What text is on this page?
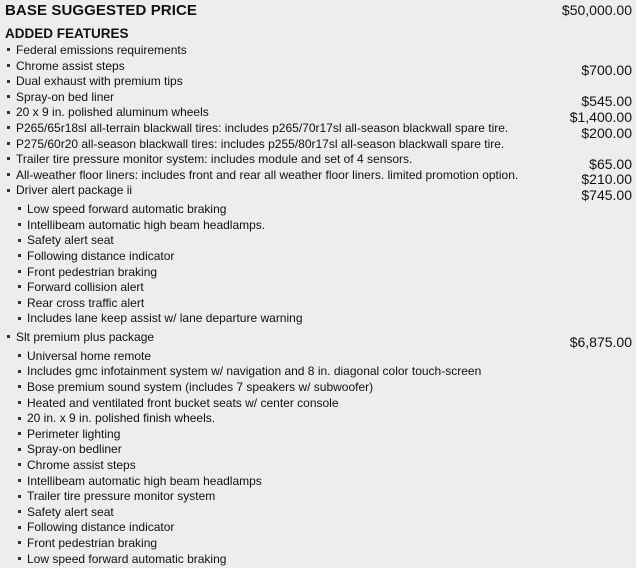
BASE SUGGESTED PRICE	$50,000.00
ADDED FEATURES
Federal emissions requirements
Chrome assist steps	$700.00
Dual exhaust with premium tips
Spray-on bed liner	$545.00
20 x 9 in. polished aluminum wheels	$1,400.00
P265/65r18sl all-terrain blackwall tires: includes p265/70r17sl all-season blackwall spare tire.	$200.00
P275/60r20 all-season blackwall tires: includes p255/80r17sl all-season blackwall spare tire.
Trailer tire pressure monitor system: includes module and set of 4 sensors.	$65.00
All-weather floor liners: includes front and rear all weather floor liners. limited promotion option.	$210.00
Driver alert package ii	$745.00
Low speed forward automatic braking
Intellibeam automatic high beam headlamps.
Safety alert seat
Following distance indicator
Front pedestrian braking
Forward collision alert
Rear cross traffic alert
Includes lane keep assist w/ lane departure warning
Slt premium plus package	$6,875.00
Universal home remote
Includes gmc infotainment system w/ navigation and 8 in. diagonal color touch-screen
Bose premium sound system (includes 7 speakers w/ subwoofer)
Heated and ventilated front bucket seats w/ center console
20 in. x 9 in. polished finish wheels.
Perimeter lighting
Spray-on bedliner
Chrome assist steps
Intellibeam automatic high beam headlamps
Trailer tire pressure monitor system
Safety alert seat
Following distance indicator
Front pedestrian braking
Low speed forward automatic braking
